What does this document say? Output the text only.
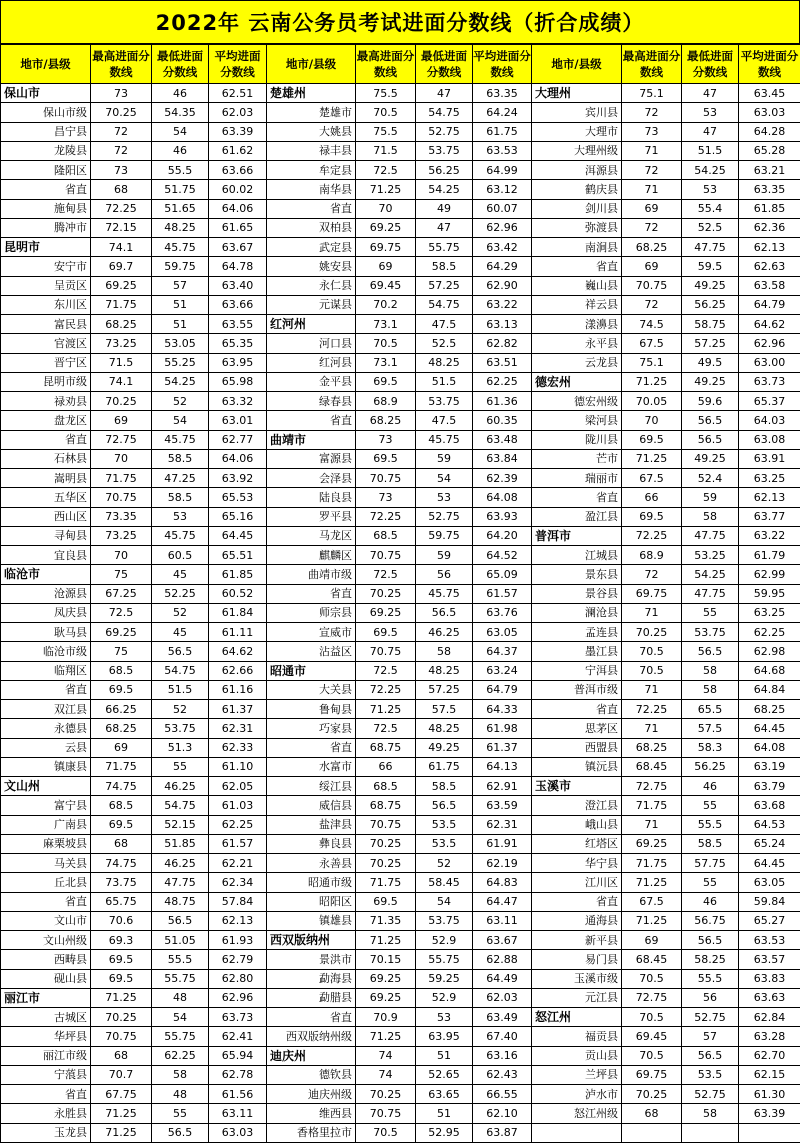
2022年 云南公务员考试进面分数线（折合成绩）
地市/县级	最高进面分数线	最低进面分数线	平均进面分数线	地市/县级	最高进面分数线	最低进面分数线	平均进面分数线	地市/县级	最高进面分数线	最低进面分数线	平均进面分数线
保山市	73	46	62.51	楚雄州	75.5	47	63.35	大理州	75.1	47	63.45
保山市级	70.25	54.35	62.03	楚雄市	70.5	54.75	64.24	宾川县	72	53	63.03
昌宁县	72	54	63.39	大姚县	75.5	52.75	61.75	大理市	73	47	64.28
龙陵县	72	46	61.62	禄丰县	71.5	53.75	63.53	大理州级	71	51.5	65.28
隆阳区	73	55.5	63.66	牟定县	72.5	56.25	64.99	洱源县	72	54.25	63.21
省直	68	51.75	60.02	南华县	71.25	54.25	63.12	鹤庆县	71	53	63.35
施甸县	72.25	51.65	64.06	省直	70	49	60.07	剑川县	69	55.4	61.85
腾冲市	72.15	48.25	61.65	双柏县	69.25	47	62.96	弥渡县	72	52.5	62.36
昆明市	74.1	45.75	63.67	武定县	69.75	55.75	63.42	南涧县	68.25	47.75	62.13
安宁市	69.7	59.75	64.78	姚安县	69	58.5	64.29	省直	69	59.5	62.63
呈贡区	69.25	57	63.40	永仁县	69.45	57.25	62.90	巍山县	70.75	49.25	63.58
东川区	71.75	51	63.66	元谋县	70.2	54.75	63.22	祥云县	72	56.25	64.79
富民县	68.25	51	63.55	红河州	73.1	47.5	63.13	漾濞县	74.5	58.75	64.62
官渡区	73.25	53.05	65.35	河口县	70.5	52.5	62.82	永平县	67.5	57.25	62.96
晋宁区	71.5	55.25	63.95	红河县	73.1	48.25	63.51	云龙县	75.1	49.5	63.00
昆明市级	74.1	54.25	65.98	金平县	69.5	51.5	62.25	德宏州	71.25	49.25	63.73
禄劝县	70.25	52	63.32	绿春县	68.9	53.75	61.36	德宏州级	70.05	59.6	65.37
盘龙区	69	54	63.01	省直	68.25	47.5	60.35	梁河县	70	56.5	64.03
省直	72.75	45.75	62.77	曲靖市	73	45.75	63.48	陇川县	69.5	56.5	63.08
石林县	70	58.5	64.06	富源县	69.5	59	63.84	芒市	71.25	49.25	63.91
嵩明县	71.75	47.25	63.92	会泽县	70.75	54	62.39	瑞丽市	67.5	52.4	63.25
五华区	70.75	58.5	65.53	陆良县	73	53	64.08	省直	66	59	62.13
西山区	73.35	53	65.16	罗平县	72.25	52.75	63.93	盈江县	69.5	58	63.77
寻甸县	73.25	45.75	64.45	马龙区	68.5	59.75	64.20	普洱市	72.25	47.75	63.22
宜良县	70	60.5	65.51	麒麟区	70.75	59	64.52	江城县	68.9	53.25	61.79
临沧市	75	45	61.85	曲靖市级	72.5	56	65.09	景东县	72	54.25	62.99
沧源县	67.25	52.25	60.52	省直	70.25	45.75	61.57	景谷县	69.75	47.75	59.95
凤庆县	72.5	52	61.84	师宗县	69.25	56.5	63.76	澜沧县	71	55	63.25
耿马县	69.25	45	61.11	宣威市	69.5	46.25	63.05	孟连县	70.25	53.75	62.25
临沧市级	75	56.5	64.62	沾益区	70.75	58	64.37	墨江县	70.5	56.5	62.98
临翔区	68.5	54.75	62.66	昭通市	72.5	48.25	63.24	宁洱县	70.5	58	64.68
省直	69.5	51.5	61.16	大关县	72.25	57.25	64.79	普洱市级	71	58	64.84
双江县	66.25	52	61.37	鲁甸县	71.25	57.5	64.33	省直	72.25	65.5	68.25
永德县	68.25	53.75	62.31	巧家县	72.5	48.25	61.98	思茅区	71	57.5	64.45
云县	69	51.3	62.33	省直	68.75	49.25	61.37	西盟县	68.25	58.3	64.08
镇康县	71.75	55	61.10	水富市	66	61.75	64.13	镇沅县	68.45	56.25	63.19
文山州	74.75	46.25	62.05	绥江县	68.5	58.5	62.91	玉溪市	72.75	46	63.79
富宁县	68.5	54.75	61.03	威信县	68.75	56.5	63.59	澄江县	71.75	55	63.68
广南县	69.5	52.15	62.25	盐津县	70.75	53.5	62.31	峨山县	71	55.5	64.53
麻栗坡县	68	51.85	61.57	彝良县	70.25	53.5	61.91	红塔区	69.25	58.5	65.24
马关县	74.75	46.25	62.21	永善县	70.25	52	62.19	华宁县	71.75	57.75	64.45
丘北县	73.75	47.75	62.34	昭通市级	71.75	58.45	64.83	江川区	71.25	55	63.05
省直	65.75	48.75	57.84	昭阳区	69.5	54	64.47	省直	67.5	46	59.84
文山市	70.6	56.5	62.13	镇雄县	71.35	53.75	63.11	通海县	71.25	56.75	65.27
文山州级	69.3	51.05	61.93	西双版纳州	71.25	52.9	63.67	新平县	69	56.5	63.53
西畴县	69.5	55.5	62.79	景洪市	70.15	55.75	62.88	易门县	68.45	58.25	63.57
砚山县	69.5	55.75	62.80	勐海县	69.25	59.25	64.49	玉溪市级	70.5	55.5	63.83
丽江市	71.25	48	62.96	勐腊县	69.25	52.9	62.03	元江县	72.75	56	63.63
古城区	70.25	54	63.73	省直	70.9	53	63.49	怒江州	70.5	52.75	62.84
华坪县	70.75	55.75	62.41	西双版纳州级	71.25	63.95	67.40	福贡县	69.45	57	63.28
丽江市级	68	62.25	65.94	迪庆州	74	51	63.16	贡山县	70.5	56.5	62.70
宁蒗县	70.7	58	62.78	德钦县	74	52.65	62.43	兰坪县	69.75	53.5	62.15
省直	67.75	48	61.56	迪庆州级	70.25	63.65	66.55	泸水市	70.25	52.75	61.30
永胜县	71.25	55	63.11	维西县	70.75	51	62.10	怒江州级	68	58	63.39
玉龙县	71.25	56.5	63.03	香格里拉市	70.5	52.95	63.87				
